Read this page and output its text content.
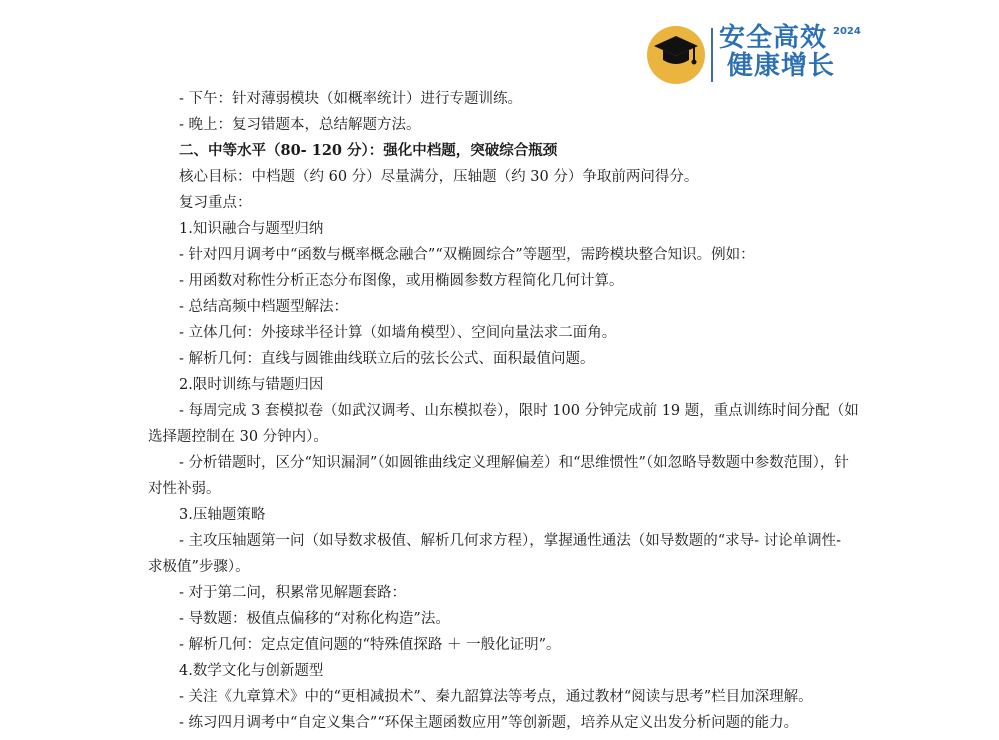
安全高效
健康增长
2024

- 下午：针对薄弱模块（如概率统计）进行专题训练。

- 晚上：复习错题本，总结解题方法。

二、中等水平（80- 120 分）：强化中档题，突破综合瓶颈

核心目标：中档题（约 60 分）尽量满分，压轴题（约 30 分）争取前两问得分。

复习重点：

1.知识融合与题型归纳

- 针对四月调考中“函数与概率概念融合”“双椭圆综合”等题型，需跨模块整合知识。例如：

- 用函数对称性分析正态分布图像，或用椭圆参数方程简化几何计算。

- 总结高频中档题型解法：

- 立体几何：外接球半径计算（如墙角模型）、空间向量法求二面角。

- 解析几何：直线与圆锥曲线联立后的弦长公式、面积最值问题。

2.限时训练与错题归因

- 每周完成 3 套模拟卷（如武汉调考、山东模拟卷），限时 100 分钟完成前 19 题，重点训练时间分配（如选择题控制在 30 分钟内）。

- 分析错题时，区分“知识漏洞”（如圆锥曲线定义理解偏差）和“思维惯性”（如忽略导数题中参数范围），针对性补弱。

3.压轴题策略

- 主攻压轴题第一问（如导数求极值、解析几何求方程），掌握通性通法（如导数题的“求导- 讨论单调性- 求极值”步骤）。

- 对于第二问，积累常见解题套路：

- 导数题：极值点偏移的“对称化构造”法。

- 解析几何：定点定值问题的“特殊值探路 ＋ 一般化证明”。

4.数学文化与创新题型

- 关注《九章算术》中的“更相减损术”、秦九韶算法等考点，通过教材“阅读与思考”栏目加深理解。

- 练习四月调考中“自定义集合”“环保主题函数应用”等创新题，培养从定义出发分析问题的能力。
